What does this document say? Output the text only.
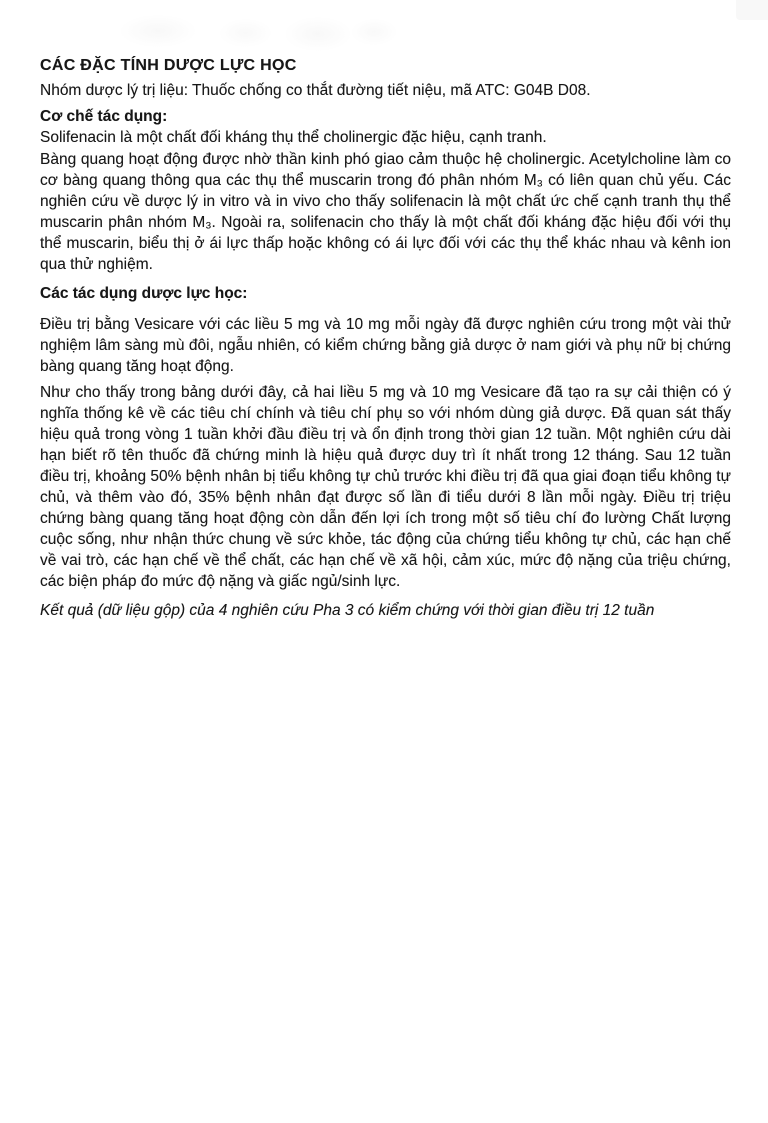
CÁC ĐẶC TÍNH DƯỢC LỰC HỌC
Nhóm dược lý trị liệu: Thuốc chống co thắt đường tiết niệu, mã ATC: G04B D08.
Cơ chế tác dụng:
Solifenacin là một chất đối kháng thụ thể cholinergic đặc hiệu, cạnh tranh.
Bàng quang hoạt động được nhờ thần kinh phó giao cảm thuộc hệ cholinergic. Acetylcholine làm co cơ bàng quang thông qua các thụ thể muscarin trong đó phân nhóm M₃ có liên quan chủ yếu. Các nghiên cứu về dược lý in vitro và in vivo cho thấy solifenacin là một chất ức chế cạnh tranh thụ thể muscarin phân nhóm M₃. Ngoài ra, solifenacin cho thấy là một chất đối kháng đặc hiệu đối với thụ thể muscarin, biểu thị ở ái lực thấp hoặc không có ái lực đối với các thụ thể khác nhau và kênh ion qua thử nghiệm.
Các tác dụng dược lực học:
Điều trị bằng Vesicare với các liều 5 mg và 10 mg mỗi ngày đã được nghiên cứu trong một vài thử nghiệm lâm sàng mù đôi, ngẫu nhiên, có kiểm chứng bằng giả dược ở nam giới và phụ nữ bị chứng bàng quang tăng hoạt động.
Như cho thấy trong bảng dưới đây, cả hai liều 5 mg và 10 mg Vesicare đã tạo ra sự cải thiện có ý nghĩa thống kê về các tiêu chí chính và tiêu chí phụ so với nhóm dùng giả dược. Đã quan sát thấy hiệu quả trong vòng 1 tuần khởi đầu điều trị và ổn định trong thời gian 12 tuần. Một nghiên cứu dài hạn biết rõ tên thuốc đã chứng minh là hiệu quả được duy trì ít nhất trong 12 tháng. Sau 12 tuần điều trị, khoảng 50% bệnh nhân bị tiểu không tự chủ trước khi điều trị đã qua giai đoạn tiểu không tự chủ, và thêm vào đó, 35% bệnh nhân đạt được số lần đi tiểu dưới 8 lần mỗi ngày. Điều trị triệu chứng bàng quang tăng hoạt động còn dẫn đến lợi ích trong một số tiêu chí đo lường Chất lượng cuộc sống, như nhận thức chung về sức khỏe, tác động của chứng tiểu không tự chủ, các hạn chế về vai trò, các hạn chế về thể chất, các hạn chế về xã hội, cảm xúc, mức độ nặng của triệu chứng, các biện pháp đo mức độ nặng và giấc ngủ/sinh lực.
Kết quả (dữ liệu gộp) của 4 nghiên cứu Pha 3 có kiểm chứng với thời gian điều trị 12 tuần
